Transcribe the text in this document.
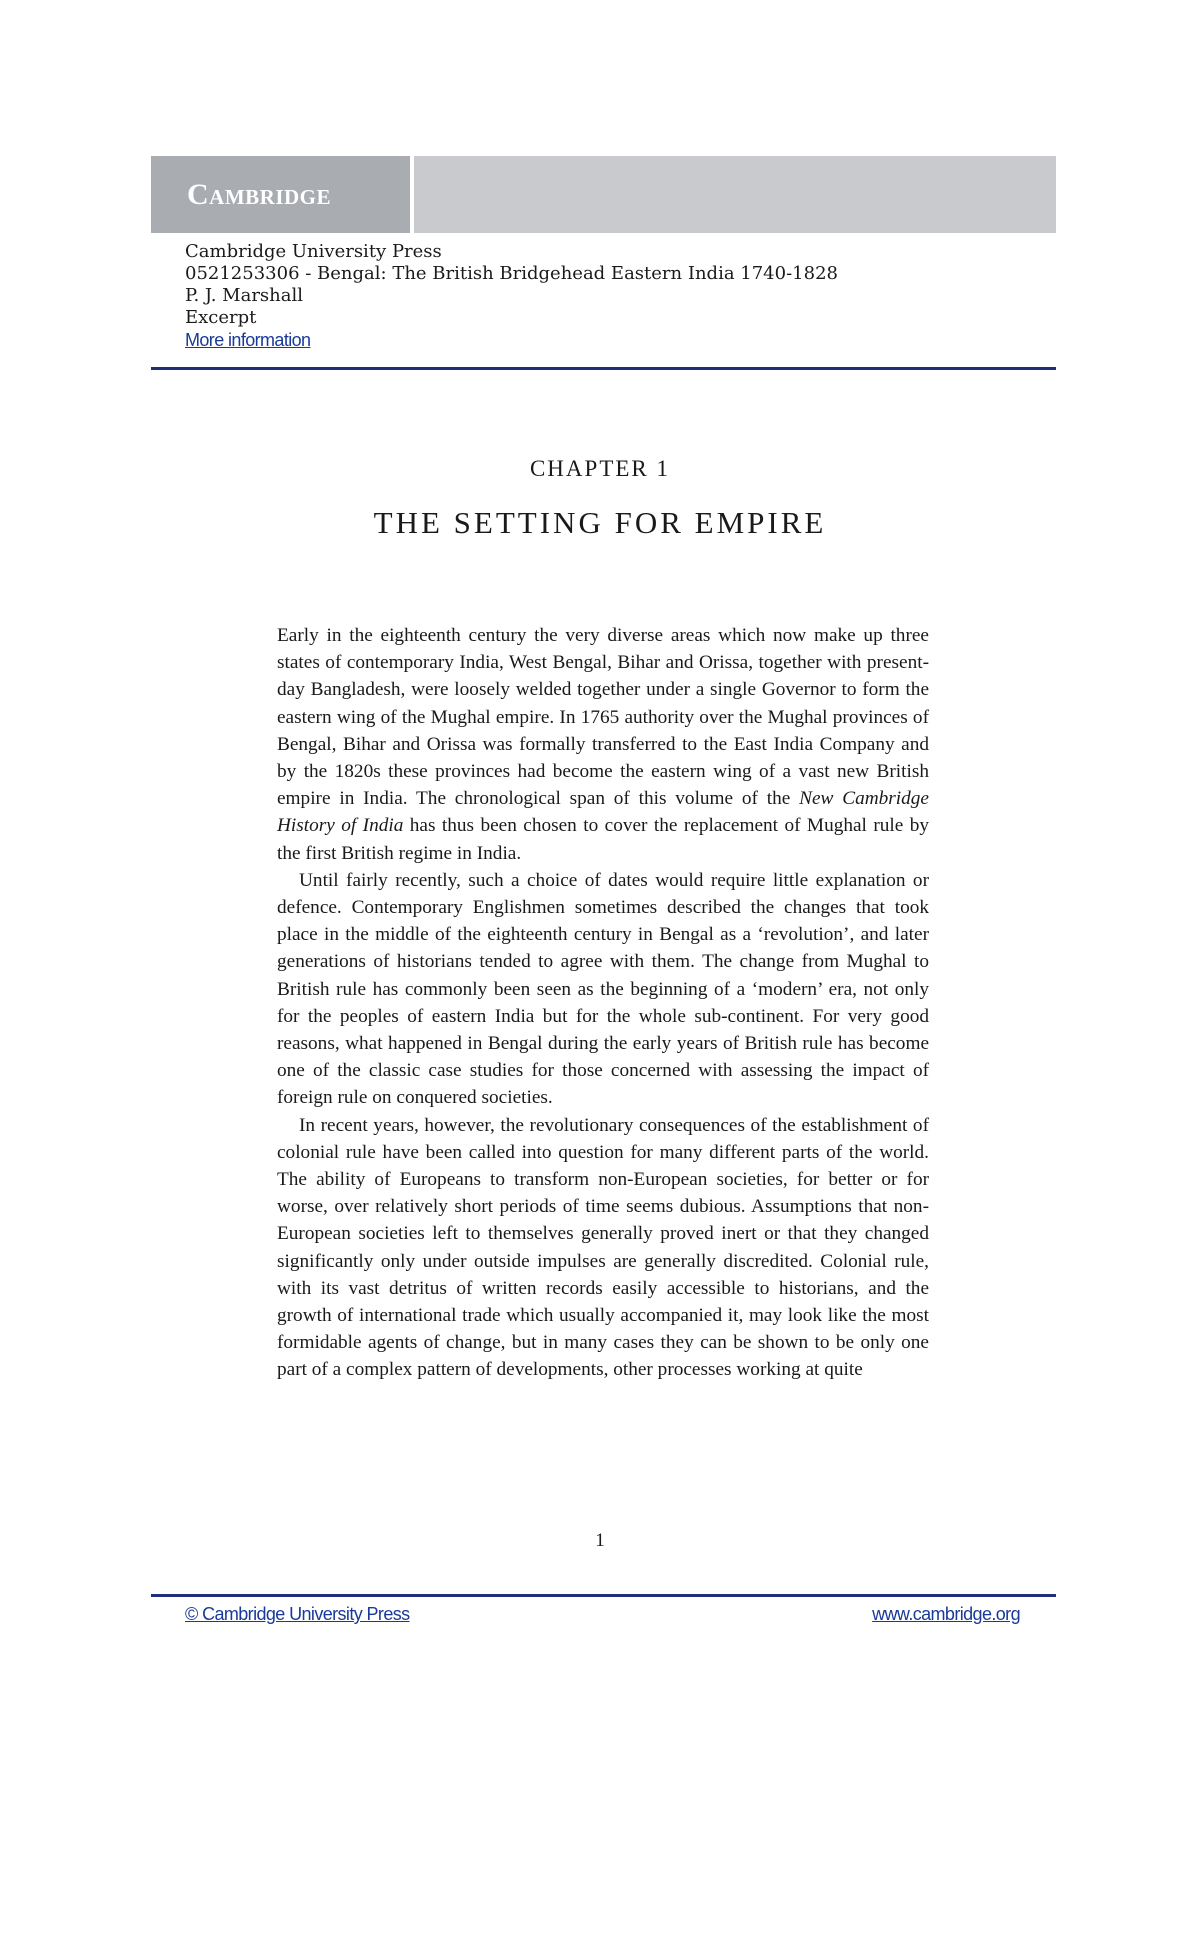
Cambridge
Cambridge University Press
0521253306 - Bengal: The British Bridgehead Eastern India 1740-1828
P. J. Marshall
Excerpt
More information
CHAPTER 1
THE SETTING FOR EMPIRE

Early in the eighteenth century the very diverse areas which now make up three states of contemporary India, West Bengal, Bihar and Orissa, together with present-day Bangladesh, were loosely welded together under a single Governor to form the eastern wing of the Mughal empire. In 1765 authority over the Mughal provinces of Bengal, Bihar and Orissa was formally transferred to the East India Company and by the 1820s these provinces had become the eastern wing of a vast new British empire in India. The chronological span of this volume of the New Cambridge History of India has thus been chosen to cover the replacement of Mughal rule by the first British regime in India.

Until fairly recently, such a choice of dates would require little explanation or defence. Contemporary Englishmen sometimes described the changes that took place in the middle of the eighteenth century in Bengal as a ‘revolution’, and later generations of historians tended to agree with them. The change from Mughal to British rule has commonly been seen as the beginning of a ‘modern’ era, not only for the peoples of eastern India but for the whole sub-continent. For very good reasons, what happened in Bengal during the early years of British rule has become one of the classic case studies for those concerned with assessing the impact of foreign rule on conquered societies.

In recent years, however, the revolutionary consequences of the establishment of colonial rule have been called into question for many different parts of the world. The ability of Europeans to transform non-European societies, for better or for worse, over relatively short periods of time seems dubious. Assumptions that non-European societies left to themselves generally proved inert or that they changed significantly only under outside impulses are generally discredited. Colonial rule, with its vast detritus of written records easily accessible to historians, and the growth of international trade which usually accompanied it, may look like the most formidable agents of change, but in many cases they can be shown to be only one part of a complex pattern of developments, other processes working at quite

1
© Cambridge University Press	www.cambridge.org
